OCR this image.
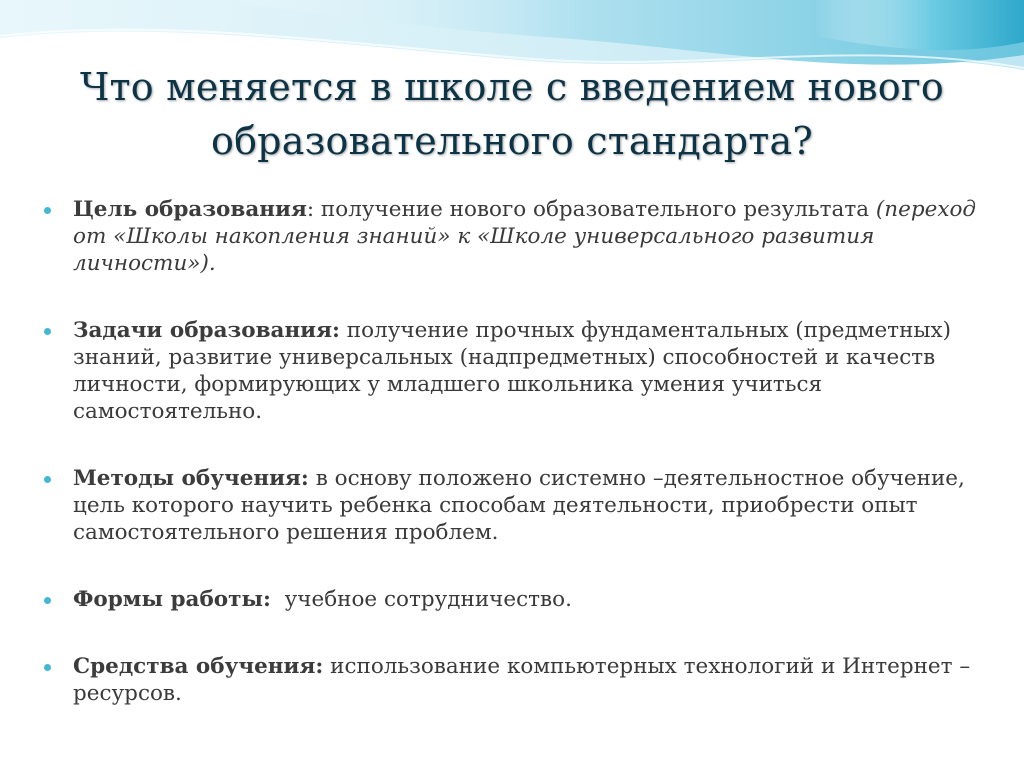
Что меняется в школе с введением нового образовательного стандарта?
Цель образования: получение нового образовательного результата (переход от «Школы накопления знаний» к «Школе универсального развития личности»).
Задачи образования: получение прочных фундаментальных (предметных) знаний, развитие универсальных (надпредметных) способностей и качеств личности, формирующих у младшего школьника умения учиться самостоятельно.
Методы обучения: в основу положено системно –деятельностное обучение, цель которого научить ребенка способам деятельности, приобрести опыт самостоятельного решения проблем.
Формы работы:  учебное сотрудничество.
Средства обучения: использование компьютерных технологий и Интернет – ресурсов.
